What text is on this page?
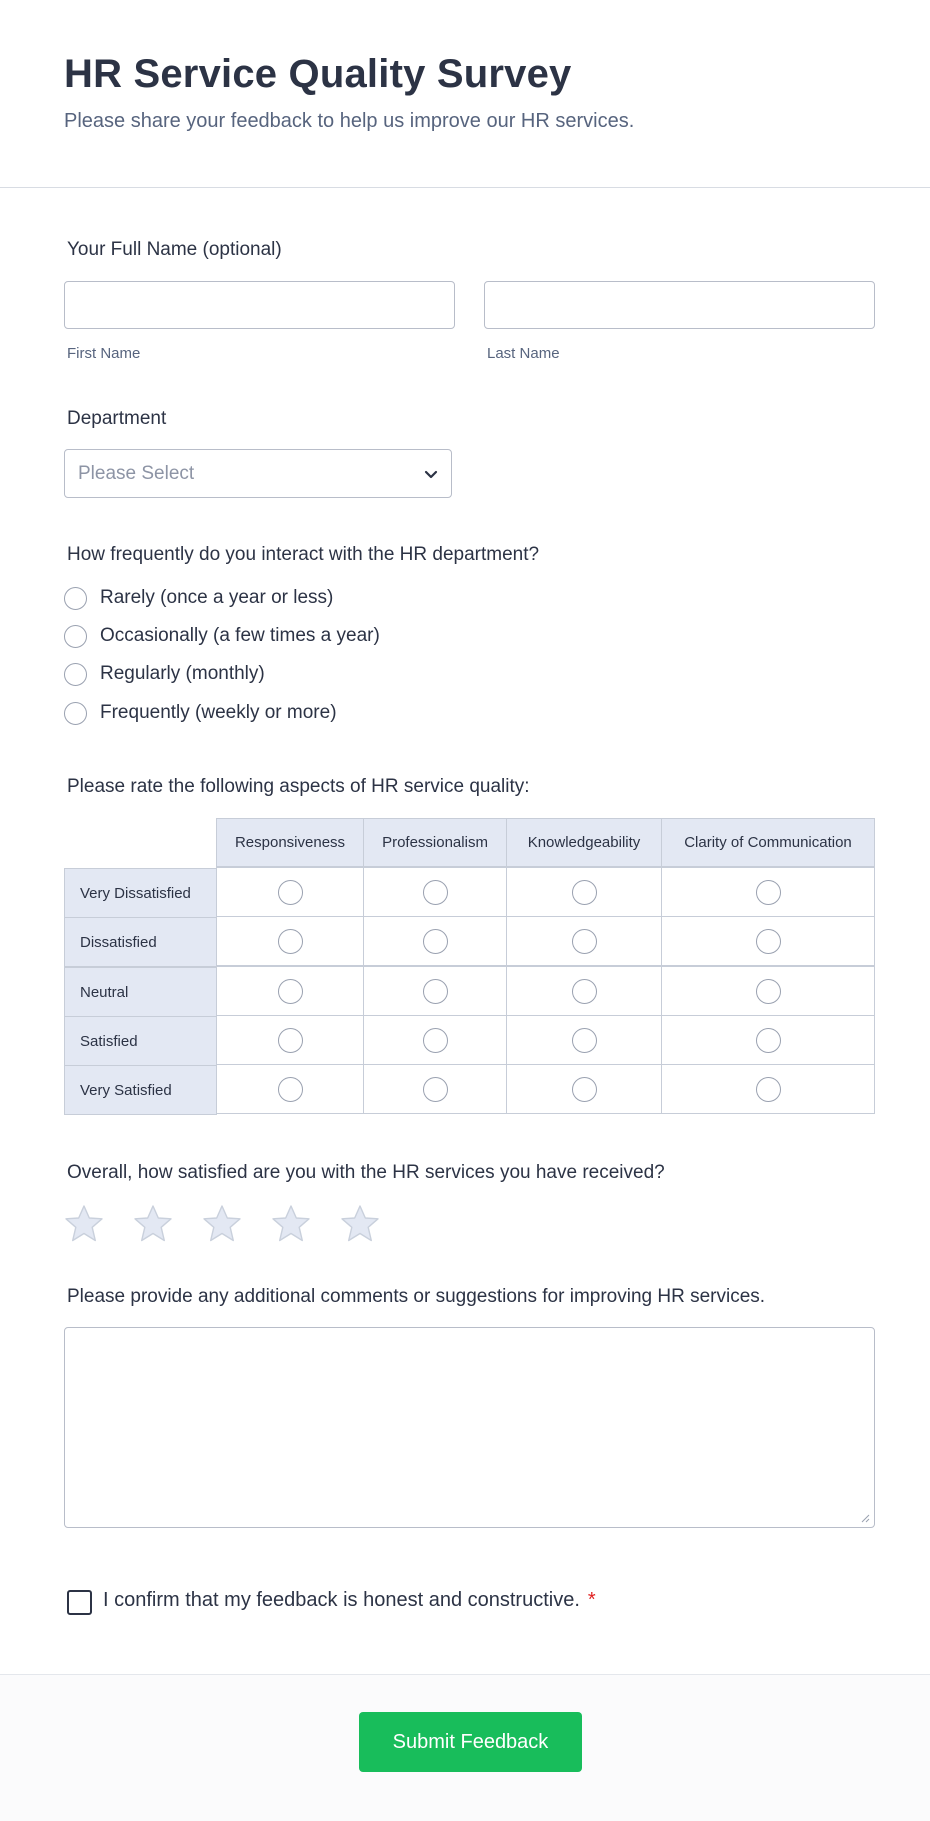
HR Service Quality Survey
Please share your feedback to help us improve our HR services.
Your Full Name (optional)
First Name	Last Name
Department
Please Select
How frequently do you interact with the HR department?
Rarely (once a year or less)
Occasionally (a few times a year)
Regularly (monthly)
Frequently (weekly or more)
Please rate the following aspects of HR service quality:
Responsiveness	Professionalism	Knowledgeability	Clarity of Communication
Very Dissatisfied
Dissatisfied
Neutral
Satisfied
Very Satisfied
Overall, how satisfied are you with the HR services you have received?
Please provide any additional comments or suggestions for improving HR services.
I confirm that my feedback is honest and constructive. *
Submit Feedback
